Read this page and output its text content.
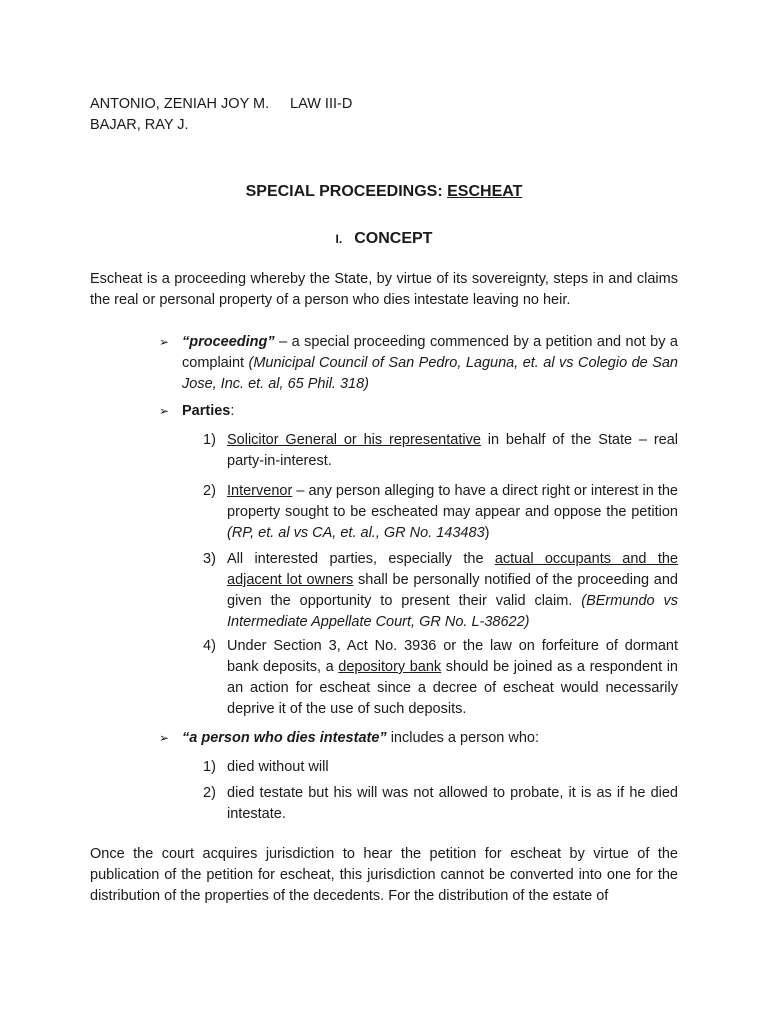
ANTONIO, ZENIAH JOY M.	LAW III-D
BAJAR, RAY J.
SPECIAL PROCEEDINGS: ESCHEAT
I. CONCEPT
Escheat is a proceeding whereby the State, by virtue of its sovereignty, steps in and claims the real or personal property of a person who dies intestate leaving no heir.
➢ “proceeding” – a special proceeding commenced by a petition and not by a complaint (Municipal Council of San Pedro, Laguna, et. al vs Colegio de San Jose, Inc. et. al, 65 Phil. 318)
➢ Parties:
1) Solicitor General or his representative in behalf of the State – real party-in-interest.
2) Intervenor – any person alleging to have a direct right or interest in the property sought to be escheated may appear and oppose the petition (RP, et. al vs CA, et. al., GR No. 143483)
3) All interested parties, especially the actual occupants and the adjacent lot owners shall be personally notified of the proceeding and given the opportunity to present their valid claim. (BErmundo vs Intermediate Appellate Court, GR No. L-38622)
4) Under Section 3, Act No. 3936 or the law on forfeiture of dormant bank deposits, a depository bank should be joined as a respondent in an action for escheat since a decree of escheat would necessarily deprive it of the use of such deposits.
➢ “a person who dies intestate” includes a person who:
1) died without will
2) died testate but his will was not allowed to probate, it is as if he died intestate.
Once the court acquires jurisdiction to hear the petition for escheat by virtue of the publication of the petition for escheat, this jurisdiction cannot be converted into one for the distribution of the properties of the decedents. For the distribution of the estate of
